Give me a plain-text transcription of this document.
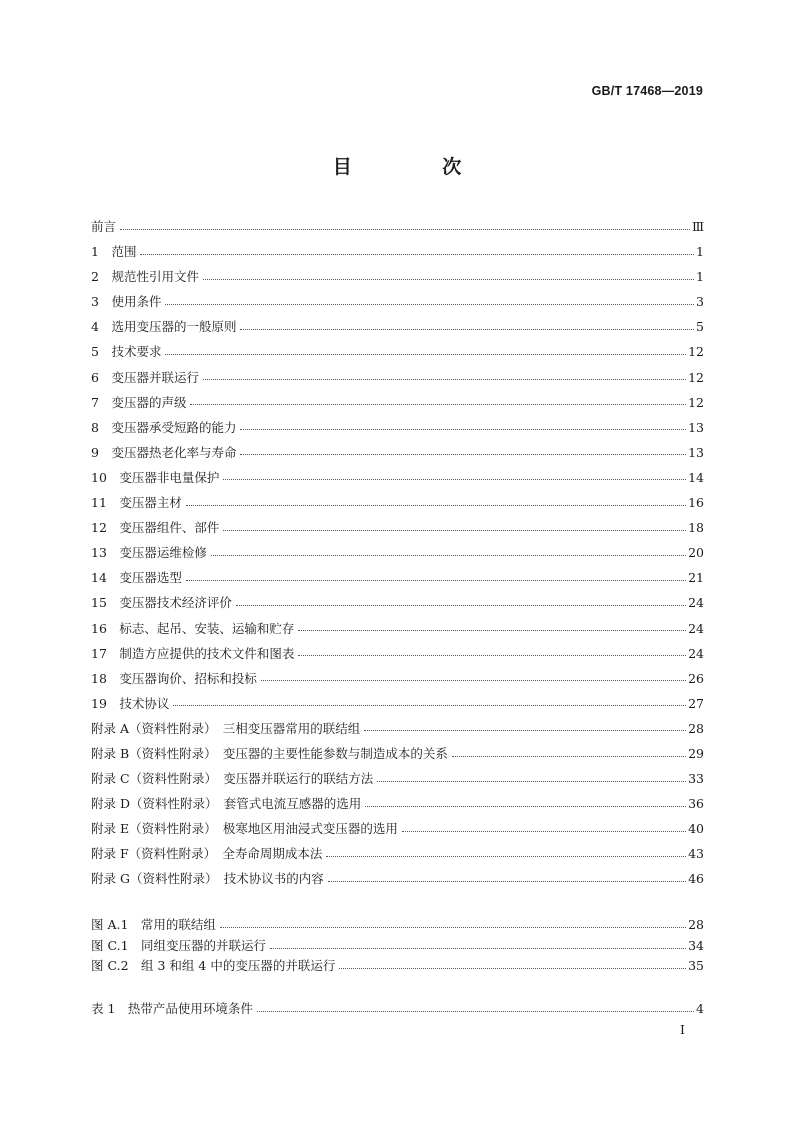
GB/T 17468—2019
目 次
前言	Ⅲ
1　范围	1
2　规范性引用文件	1
3　使用条件	3
4　选用变压器的一般原则	5
5　技术要求	12
6　变压器并联运行	12
7　变压器的声级	12
8　变压器承受短路的能力	13
9　变压器热老化率与寿命	13
10　变压器非电量保护	14
11　变压器主材	16
12　变压器组件、部件	18
13　变压器运维检修	20
14　变压器选型	21
15　变压器技术经济评价	24
16　标志、起吊、安装、运输和贮存	24
17　制造方应提供的技术文件和图表	24
18　变压器询价、招标和投标	26
19　技术协议	27
附录 A（资料性附录）　三相变压器常用的联结组	28
附录 B（资料性附录）　变压器的主要性能参数与制造成本的关系	29
附录 C（资料性附录）　变压器并联运行的联结方法	33
附录 D（资料性附录）　套管式电流互感器的选用	36
附录 E（资料性附录）　极寒地区用油浸式变压器的选用	40
附录 F（资料性附录）　全寿命周期成本法	43
附录 G（资料性附录）　技术协议书的内容	46
图 A.1　常用的联结组	28
图 C.1　同组变压器的并联运行	34
图 C.2　组 3 和组 4 中的变压器的并联运行	35
表 1　热带产品使用环境条件	4
I
